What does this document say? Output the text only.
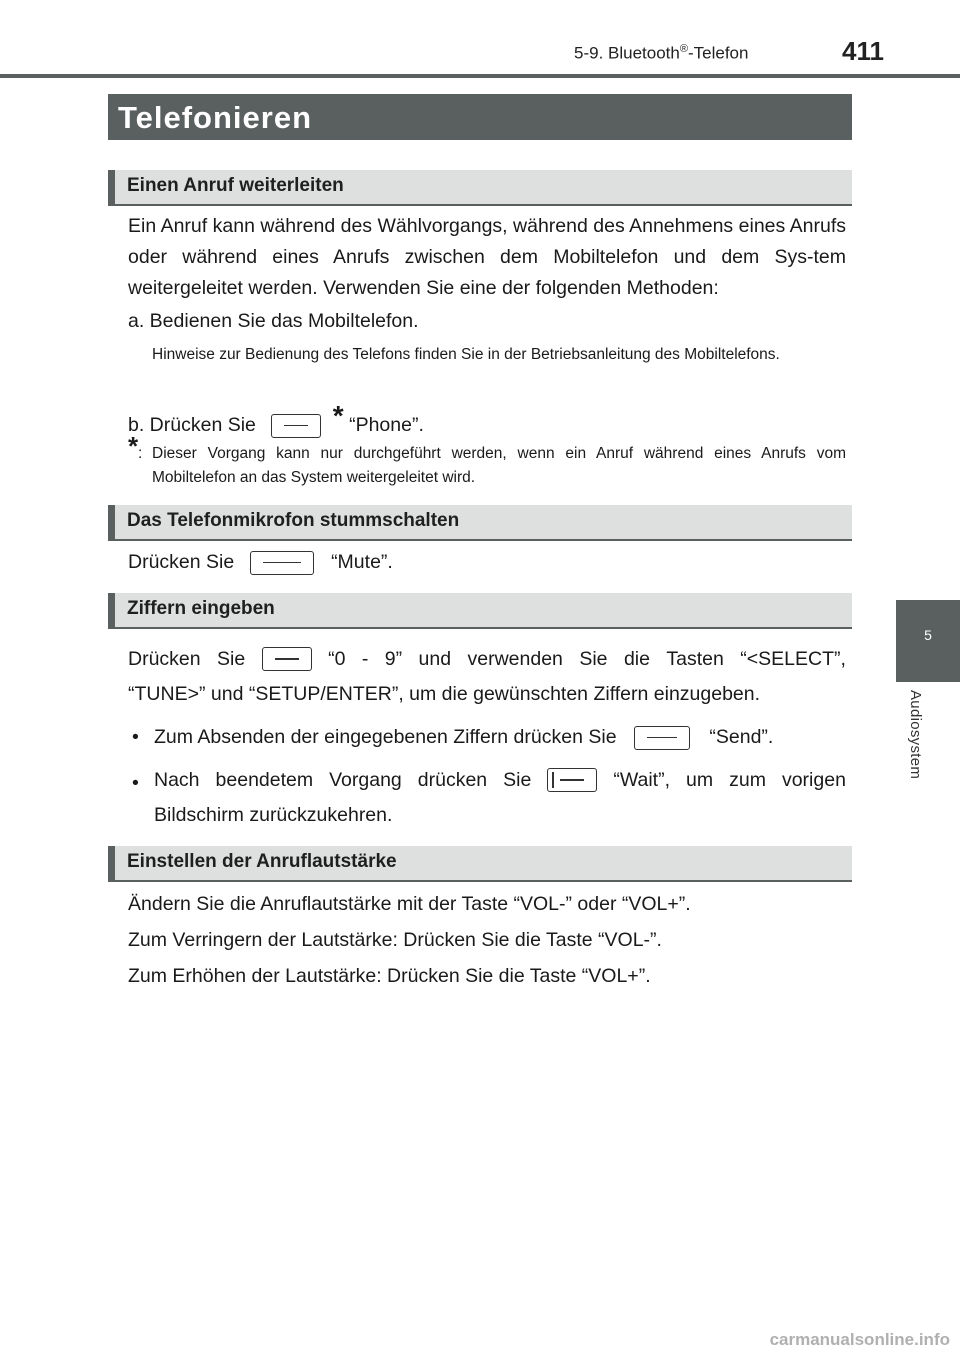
5-9. Bluetooth®-Telefon	411
5
Audiosystem
Telefonieren
Einen Anruf weiterleiten
Ein Anruf kann während des Wählvorgangs, während des Annehmens eines Anrufs oder während eines Anrufs zwischen dem Mobiltelefon und dem Sys-tem weitergeleitet werden. Verwenden Sie eine der folgenden Methoden:
a. Bedienen Sie das Mobiltelefon.
Hinweise zur Bedienung des Telefons finden Sie in der Betriebsanleitung des Mobiltelefons.
b. Drücken Sie	* “Phone”.
* : Dieser Vorgang kann nur durchgeführt werden, wenn ein Anruf während eines Anrufs vom Mobiltelefon an das System weitergeleitet wird.
Das Telefonmikrofon stummschalten
Drücken Sie	“Mute”.
Ziffern eingeben
Drücken Sie	“0 - 9” und verwenden Sie die Tasten “<SELECT”,
“TUNE>” und “SETUP/ENTER”, um die gewünschten Ziffern einzugeben.
• Zum Absenden der eingegebenen Ziffern drücken Sie	“Send”.
• Nach beendetem Vorgang drücken Sie	“Wait”, um zum vorigen
Bildschirm zurückzukehren.
Einstellen der Anruflautstärke
Ändern Sie die Anruflautstärke mit der Taste “VOL-” oder “VOL+”.
Zum Verringern der Lautstärke: Drücken Sie die Taste “VOL-”.
Zum Erhöhen der Lautstärke: Drücken Sie die Taste “VOL+”.
carmanualsonline.info
